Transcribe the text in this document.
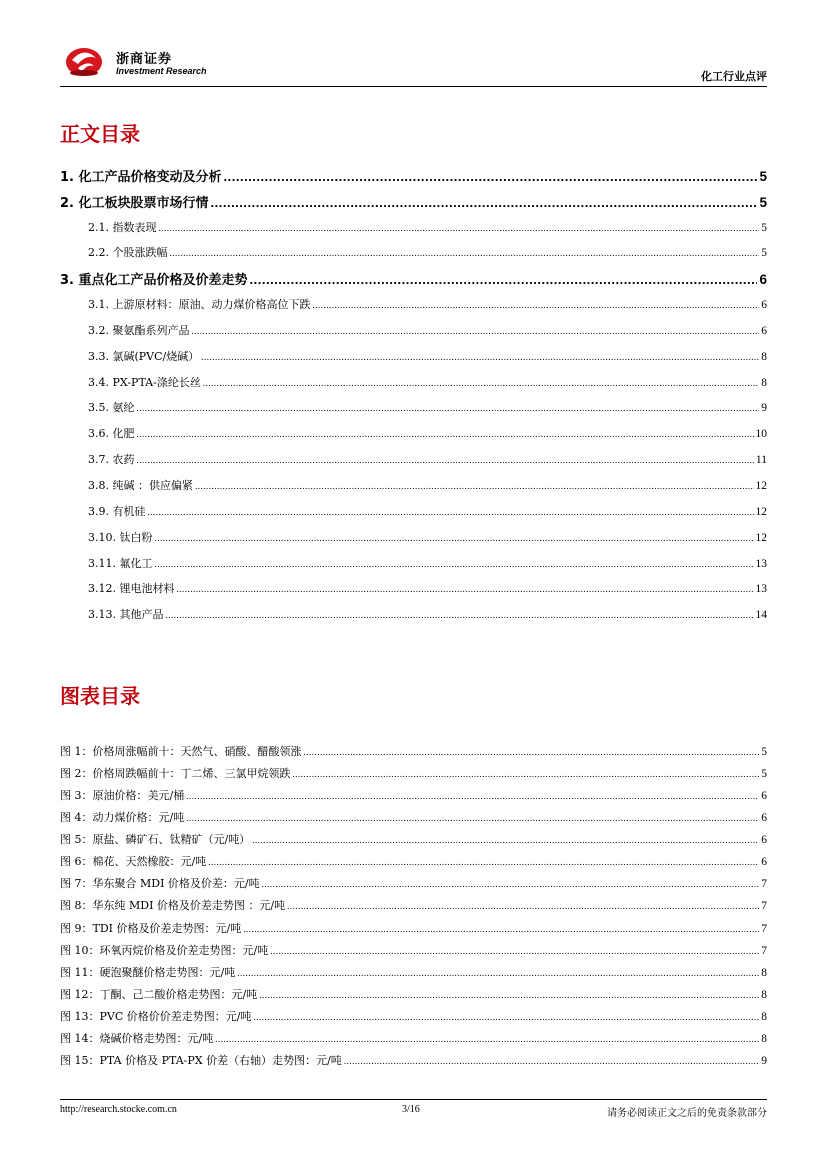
浙商证券
Investment Research	化工行业点评
正文目录
1. 化工产品价格变动及分析 .....	5
2. 化工板块股票市场行情 .....	5
2.1. 指数表现 .....	5
2.2. 个股涨跌幅 .....	5
3. 重点化工产品价格及价差走势 .....	6
3.1. 上游原材料：原油、动力煤价格高位下跌 .....	6
3.2. 聚氨酯系列产品 .....	6
3.3. 氯碱(PVC/烧碱） .....	8
3.4. PX-PTA-涤纶长丝 .....	8
3.5. 氨纶 .....	9
3.6. 化肥 .....	10
3.7. 农药 .....	11
3.8. 纯碱 ：供应偏紧 .....	12
3.9. 有机硅 .....	12
3.10. 钛白粉 .....	12
3.11. 氟化工 .....	13
3.12. 锂电池材料 .....	13
3.13. 其他产品 .....	14
图表目录
图 1：价格周涨幅前十：天然气、硝酸、醋酸领涨 .....	5
图 2：价格周跌幅前十：丁二烯、三氯甲烷领跌 .....	5
图 3：原油价格：美元/桶 .....	6
图 4：动力煤价格：元/吨 .....	6
图 5：原盐、磷矿石、钛精矿（元/吨） .....	6
图 6：棉花、天然橡胶：元/吨 .....	6
图 7：华东聚合 MDI 价格及价差：元/吨 .....	7
图 8：华东纯 MDI 价格及价差走势图 ：元/吨 .....	7
图 9：TDI 价格及价差走势图：元/吨 .....	7
图 10：环氧丙烷价格及价差走势图：元/吨 .....	7
图 11：硬泡聚醚价格走势图：元/吨 .....	8
图 12：丁酮、己二酸价格走势图：元/吨 .....	8
图 13：PVC 价格价价差走势图：元/吨 .....	8
图 14：烧碱价格走势图：元/吨 .....	8
图 15：PTA 价格及 PTA-PX 价差（右轴）走势图：元/吨 .....	9
http://research.stocke.com.cn	3/16	请务必阅读正文之后的免责条款部分
